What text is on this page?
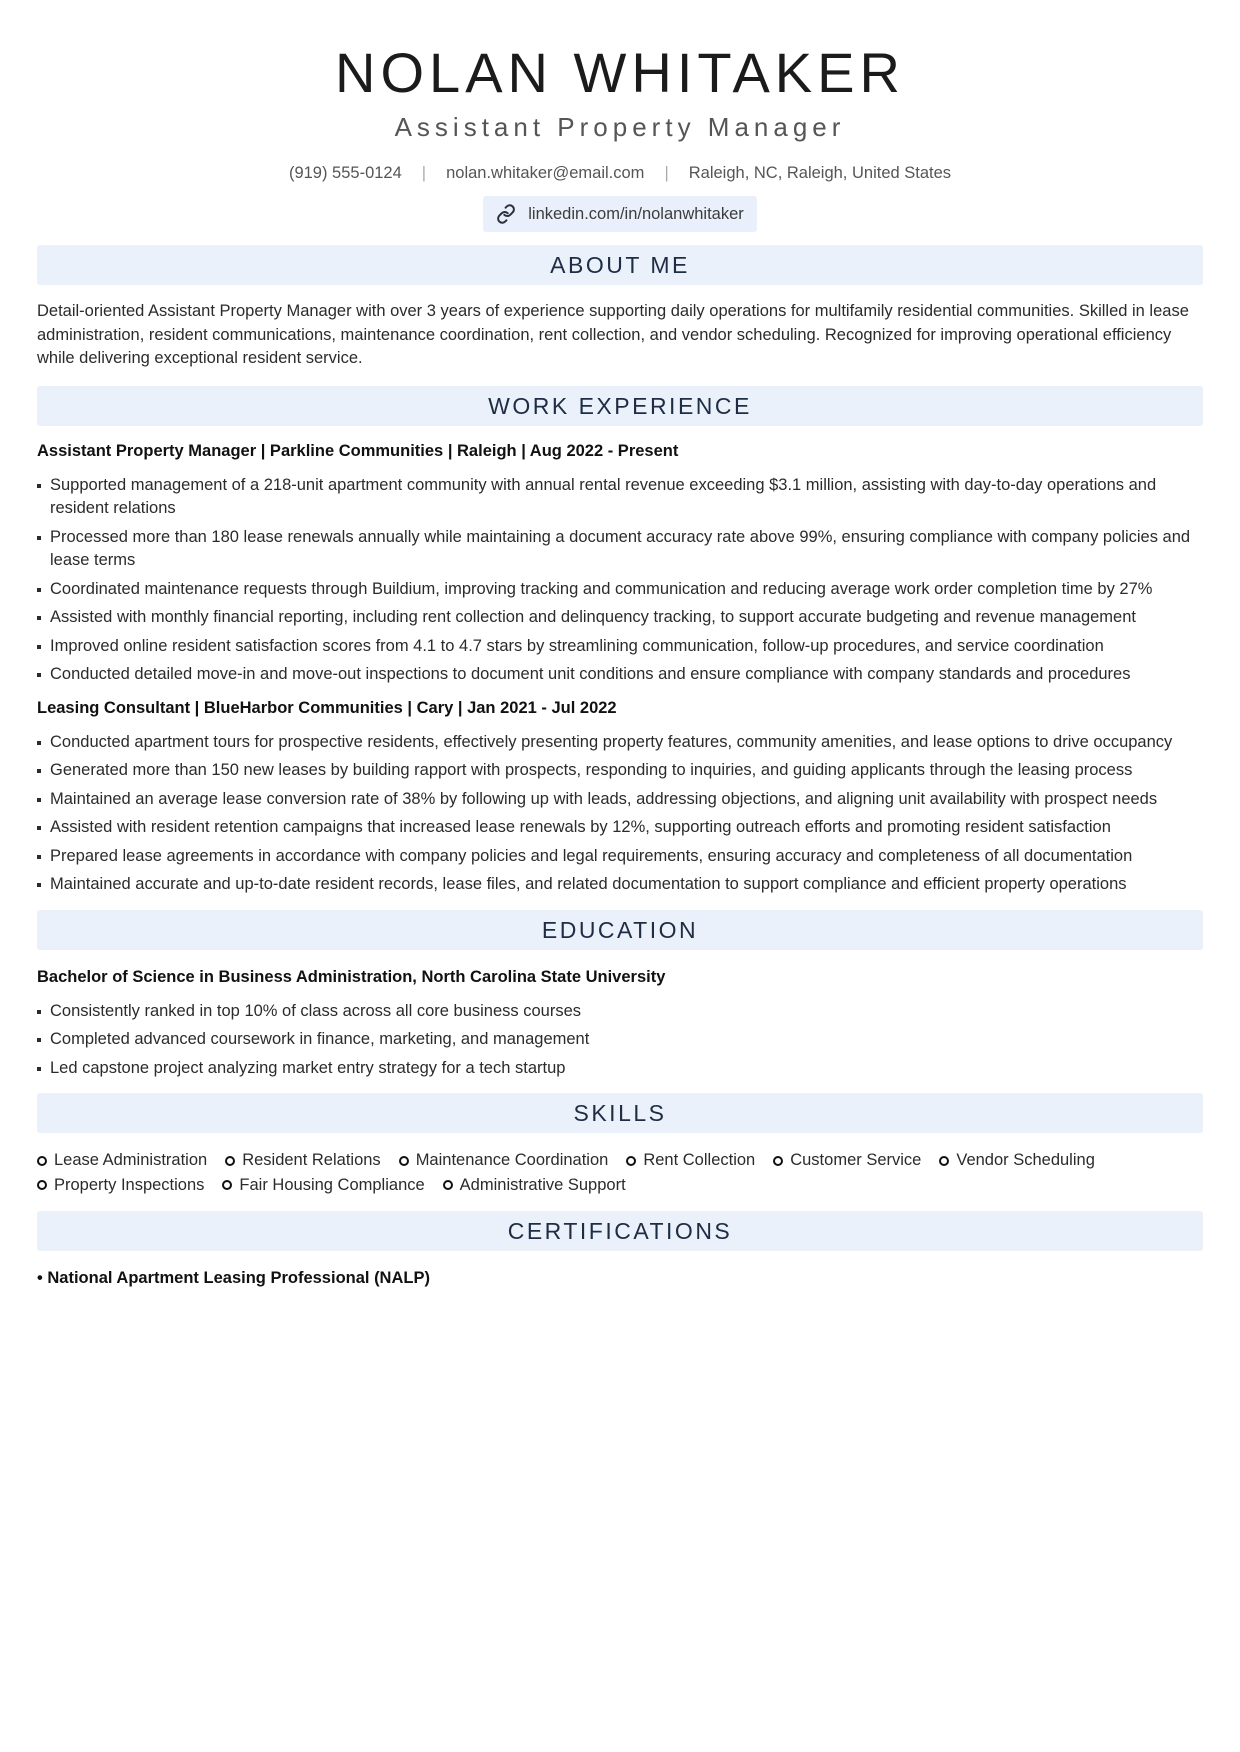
NOLAN WHITAKER
Assistant Property Manager
(919) 555-0124 | nolan.whitaker@email.com | Raleigh, NC, Raleigh, United States
linkedin.com/in/nolanwhitaker
ABOUT ME

Detail-oriented Assistant Property Manager with over 3 years of experience supporting daily operations for multifamily residential communities. Skilled in lease administration, resident communications, maintenance coordination, rent collection, and vendor scheduling. Recognized for improving operational efficiency while delivering exceptional resident service.

WORK EXPERIENCE

Assistant Property Manager | Parkline Communities | Raleigh | Aug 2022 - Present

Supported management of a 218-unit apartment community with annual rental revenue exceeding $3.1 million, assisting with day-to-day operations and resident relations
Processed more than 180 lease renewals annually while maintaining a document accuracy rate above 99%, ensuring compliance with company policies and lease terms
Coordinated maintenance requests through Buildium, improving tracking and communication and reducing average work order completion time by 27%
Assisted with monthly financial reporting, including rent collection and delinquency tracking, to support accurate budgeting and revenue management
Improved online resident satisfaction scores from 4.1 to 4.7 stars by streamlining communication, follow-up procedures, and service coordination
Conducted detailed move-in and move-out inspections to document unit conditions and ensure compliance with company standards and procedures

Leasing Consultant | BlueHarbor Communities | Cary | Jan 2021 - Jul 2022

Conducted apartment tours for prospective residents, effectively presenting property features, community amenities, and lease options to drive occupancy
Generated more than 150 new leases by building rapport with prospects, responding to inquiries, and guiding applicants through the leasing process
Maintained an average lease conversion rate of 38% by following up with leads, addressing objections, and aligning unit availability with prospect needs
Assisted with resident retention campaigns that increased lease renewals by 12%, supporting outreach efforts and promoting resident satisfaction
Prepared lease agreements in accordance with company policies and legal requirements, ensuring accuracy and completeness of all documentation
Maintained accurate and up-to-date resident records, lease files, and related documentation to support compliance and efficient property operations
EDUCATION

Bachelor of Science in Business Administration, North Carolina State University

Consistently ranked in top 10% of class across all core business courses
Completed advanced coursework in finance, marketing, and management
Led capstone project analyzing market entry strategy for a tech startup
SKILLS
Lease Administration Resident Relations Maintenance Coordination Rent Collection Customer Service Vendor Scheduling
Property Inspections Fair Housing Compliance Administrative Support
CERTIFICATIONS

• National Apartment Leasing Professional (NALP)
